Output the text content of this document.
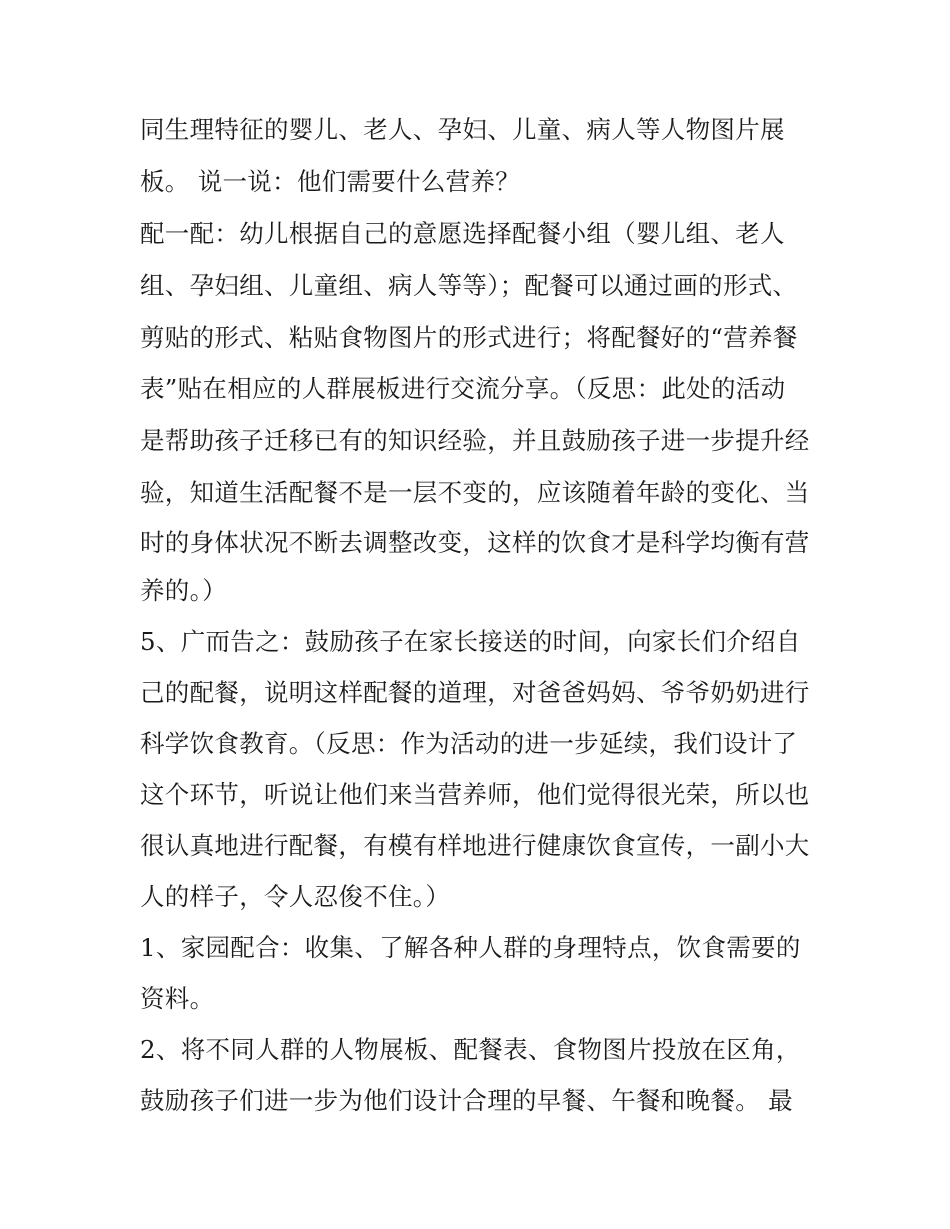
同生理特征的婴儿、老人、孕妇、儿童、病人等人物图片展
板。 说一说：他们需要什么营养？
配一配：幼儿根据自己的意愿选择配餐小组（婴儿组、老人
组、孕妇组、儿童组、病人等等）；配餐可以通过画的形式、
剪贴的形式、粘贴食物图片的形式进行；将配餐好的“营养餐
表”贴在相应的人群展板进行交流分享。（反思：此处的活动
是帮助孩子迁移已有的知识经验，并且鼓励孩子进一步提升经
验，知道生活配餐不是一层不变的，应该随着年龄的变化、当
时的身体状况不断去调整改变，这样的饮食才是科学均衡有营
养的。）
5、广而告之：鼓励孩子在家长接送的时间，向家长们介绍自
己的配餐，说明这样配餐的道理，对爸爸妈妈、爷爷奶奶进行
科学饮食教育。（反思：作为活动的进一步延续，我们设计了
这个环节，听说让他们来当营养师，他们觉得很光荣，所以也
很认真地进行配餐，有模有样地进行健康饮食宣传，一副小大
人的样子，令人忍俊不住。）
1、家园配合：收集、了解各种人群的身理特点，饮食需要的
资料。
2、将不同人群的人物展板、配餐表、食物图片投放在区角，
鼓励孩子们进一步为他们设计合理的早餐、午餐和晚餐。 最
